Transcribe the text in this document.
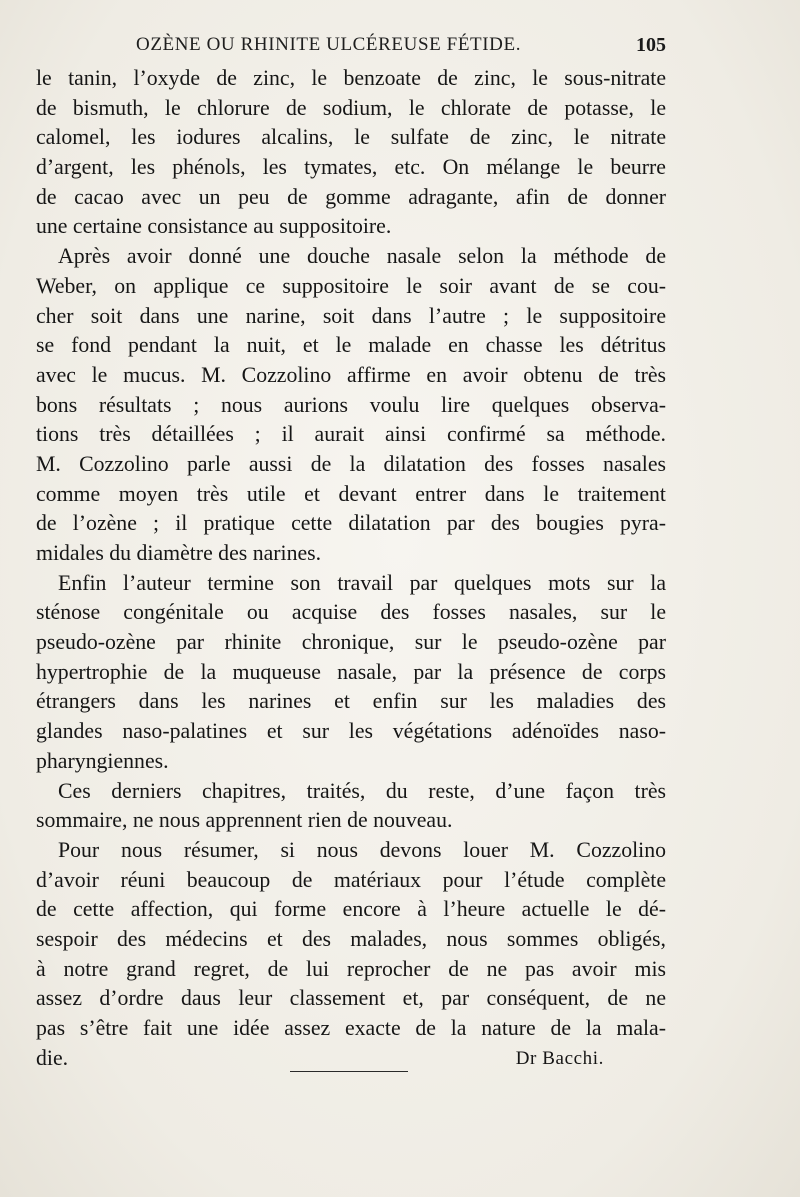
OZÈNE OU RHINITE ULCÉREUSE FÉTIDE.	105
le tanin, l’oxyde de zinc, le benzoate de zinc, le sous-nitrate
de bismuth, le chlorure de sodium, le chlorate de potasse, le
calomel, les iodures alcalins, le sulfate de zinc, le nitrate
d’argent, les phénols, les tymates, etc. On mélange le beurre
de cacao avec un peu de gomme adragante, afin de donner
une certaine consistance au suppositoire.
Après avoir donné une douche nasale selon la méthode de
Weber, on applique ce suppositoire le soir avant de se cou-
cher soit dans une narine, soit dans l’autre ; le suppositoire
se fond pendant la nuit, et le malade en chasse les détritus
avec le mucus. M. Cozzolino affirme en avoir obtenu de très
bons résultats ; nous aurions voulu lire quelques observa-
tions très détaillées ; il aurait ainsi confirmé sa méthode.
M. Cozzolino parle aussi de la dilatation des fosses nasales
comme moyen très utile et devant entrer dans le traitement
de l’ozène ; il pratique cette dilatation par des bougies pyra-
midales du diamètre des narines.
Enfin l’auteur termine son travail par quelques mots sur la
sténose congénitale ou acquise des fosses nasales, sur le
pseudo-ozène par rhinite chronique, sur le pseudo-ozène par
hypertrophie de la muqueuse nasale, par la présence de corps
étrangers dans les narines et enfin sur les maladies des
glandes naso-palatines et sur les végétations adénoïdes naso-
pharyngiennes.
Ces derniers chapitres, traités, du reste, d’une façon très
sommaire, ne nous apprennent rien de nouveau.
Pour nous résumer, si nous devons louer M. Cozzolino
d’avoir réuni beaucoup de matériaux pour l’étude complète
de cette affection, qui forme encore à l’heure actuelle le dé-
sespoir des médecins et des malades, nous sommes obligés,
à notre grand regret, de lui reprocher de ne pas avoir mis
assez d’ordre daus leur classement et, par conséquent, de ne
pas s’être fait une idée assez exacte de la nature de la mala-
die.	Dr Bacchi.
